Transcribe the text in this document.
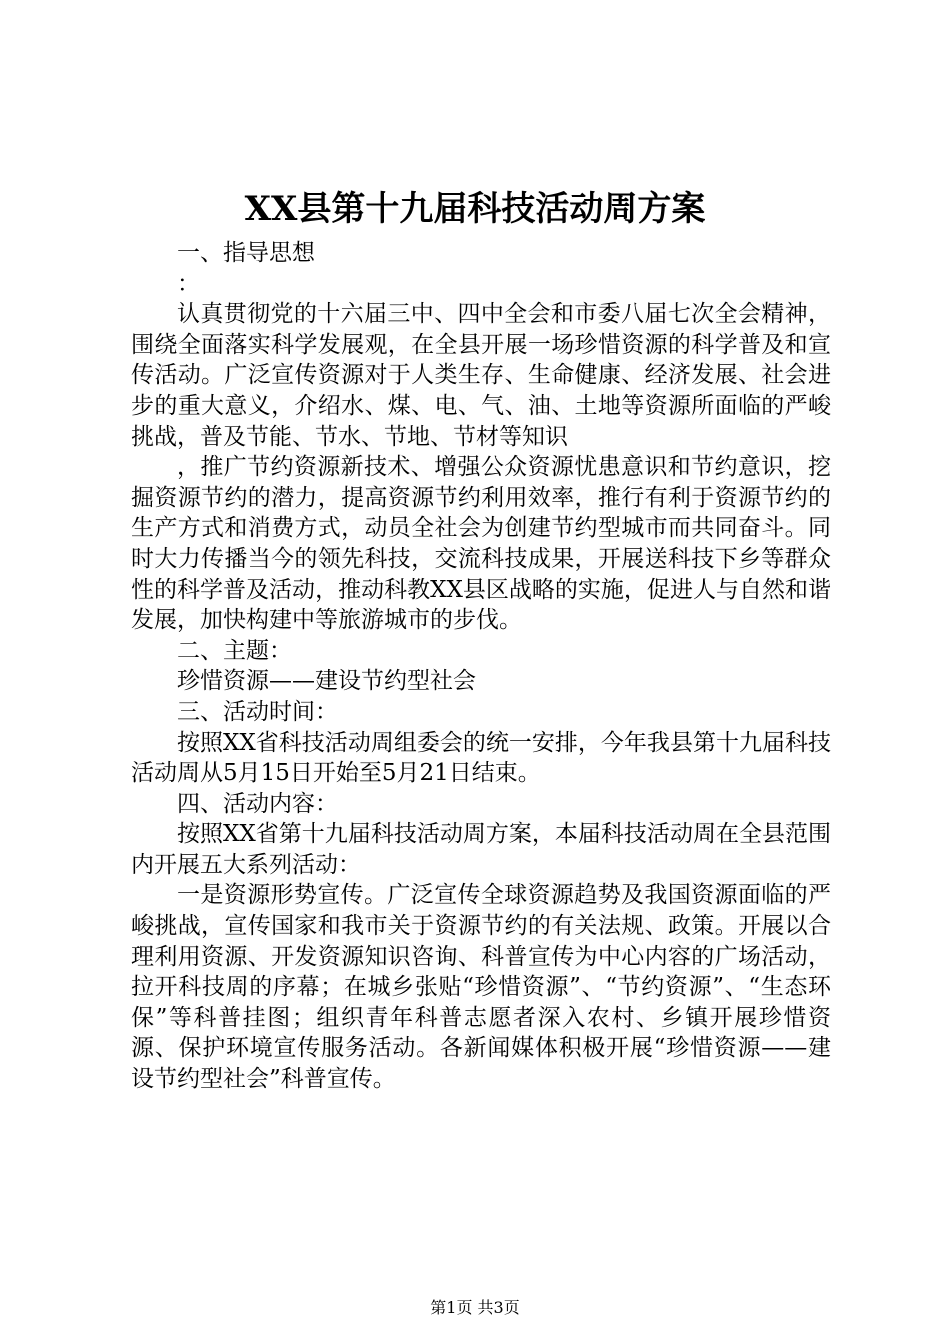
XX县第十九届科技活动周方案

一、指导思想

：

认真贯彻党的十六届三中、四中全会和市委八届七次全会精神，围绕全面落实科学发展观，在全县开展一场珍惜资源的科学普及和宣传活动。广泛宣传资源对于人类生存、生命健康、经济发展、社会进步的重大意义，介绍水、煤、电、气、油、土地等资源所面临的严峻挑战，普及节能、节水、节地、节材等知识

，推广节约资源新技术、增强公众资源忧患意识和节约意识，挖掘资源节约的潜力，提高资源节约利用效率，推行有利于资源节约的生产方式和消费方式，动员全社会为创建节约型城市而共同奋斗。同时大力传播当今的领先科技，交流科技成果，开展送科技下乡等群众性的科学普及活动，推动科教XX县区战略的实施，促进人与自然和谐发展，加快构建中等旅游城市的步伐。

二、主题：

珍惜资源——建设节约型社会

三、活动时间：

按照XX省科技活动周组委会的统一安排，今年我县第十九届科技活动周从5月15日开始至5月21日结束。

四、活动内容：

按照XX省第十九届科技活动周方案，本届科技活动周在全县范围内开展五大系列活动：

一是资源形势宣传。广泛宣传全球资源趋势及我国资源面临的严峻挑战，宣传国家和我市关于资源节约的有关法规、政策。开展以合理利用资源、开发资源知识咨询、科普宣传为中心内容的广场活动，拉开科技周的序幕；在城乡张贴“珍惜资源”、“节约资源”、“生态环保”等科普挂图；组织青年科普志愿者深入农村、乡镇开展珍惜资源、保护环境宣传服务活动。各新闻媒体积极开展“珍惜资源——建设节约型社会”科普宣传。

第1页 共3页
